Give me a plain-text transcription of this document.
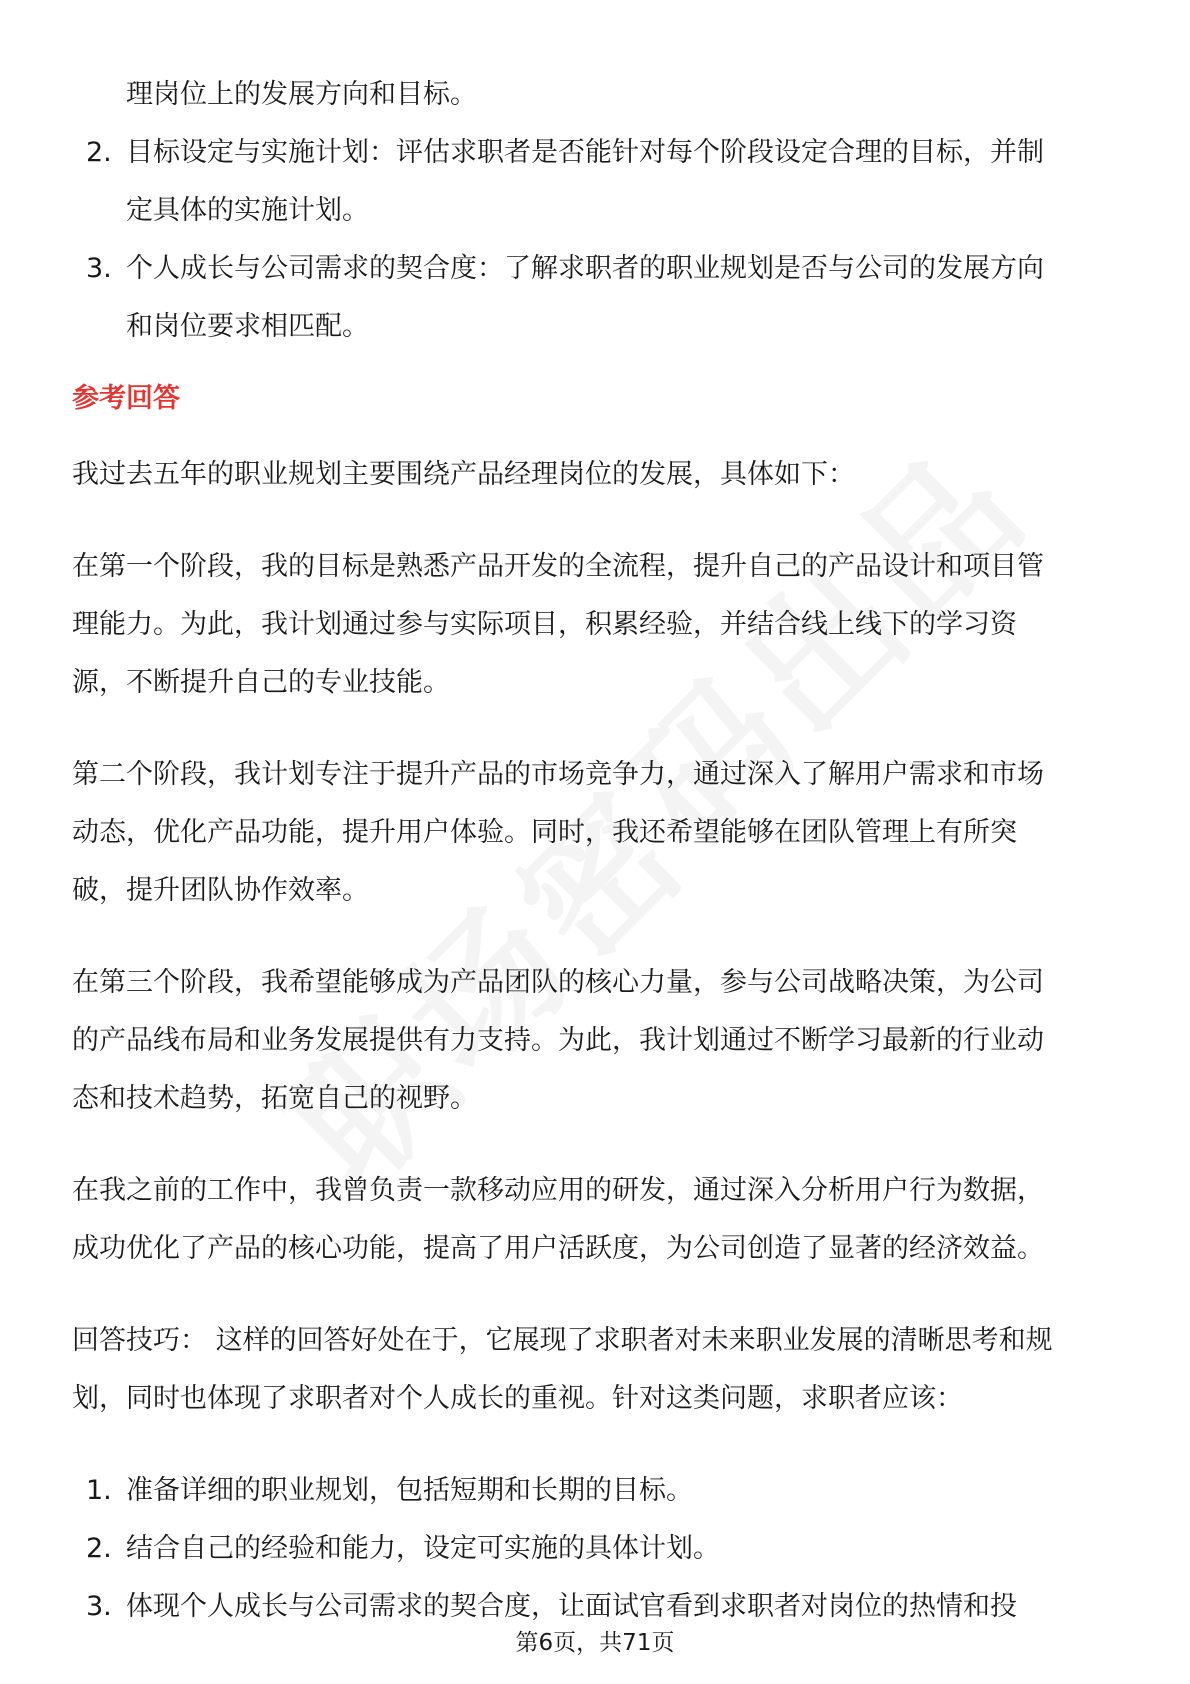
理岗位上的发展方向和目标。
2. 目标设定与实施计划：评估求职者是否能针对每个阶段设定合理的目标，并制
定具体的实施计划。
3. 个人成长与公司需求的契合度：了解求职者的职业规划是否与公司的发展方向
和岗位要求相匹配。
参考回答
我过去五年的职业规划主要围绕产品经理岗位的发展，具体如下：
在第一个阶段，我的目标是熟悉产品开发的全流程，提升自己的产品设计和项目管
理能力。为此，我计划通过参与实际项目，积累经验，并结合线上线下的学习资
源，不断提升自己的专业技能。
第二个阶段，我计划专注于提升产品的市场竞争力，通过深入了解用户需求和市场
动态，优化产品功能，提升用户体验。同时，我还希望能够在团队管理上有所突
破，提升团队协作效率。
在第三个阶段，我希望能够成为产品团队的核心力量，参与公司战略决策，为公司
的产品线布局和业务发展提供有力支持。为此，我计划通过不断学习最新的行业动
态和技术趋势，拓宽自己的视野。
在我之前的工作中，我曾负责一款移动应用的研发，通过深入分析用户行为数据，
成功优化了产品的核心功能，提高了用户活跃度，为公司创造了显著的经济效益。
回答技巧： 这样的回答好处在于，它展现了求职者对未来职业发展的清晰思考和规
划，同时也体现了求职者对个人成长的重视。针对这类问题，求职者应该：
1. 准备详细的职业规划，包括短期和长期的目标。
2. 结合自己的经验和能力，设定可实施的具体计划。
3. 体现个人成长与公司需求的契合度，让面试官看到求职者对岗位的热情和投
第6页，共71页
